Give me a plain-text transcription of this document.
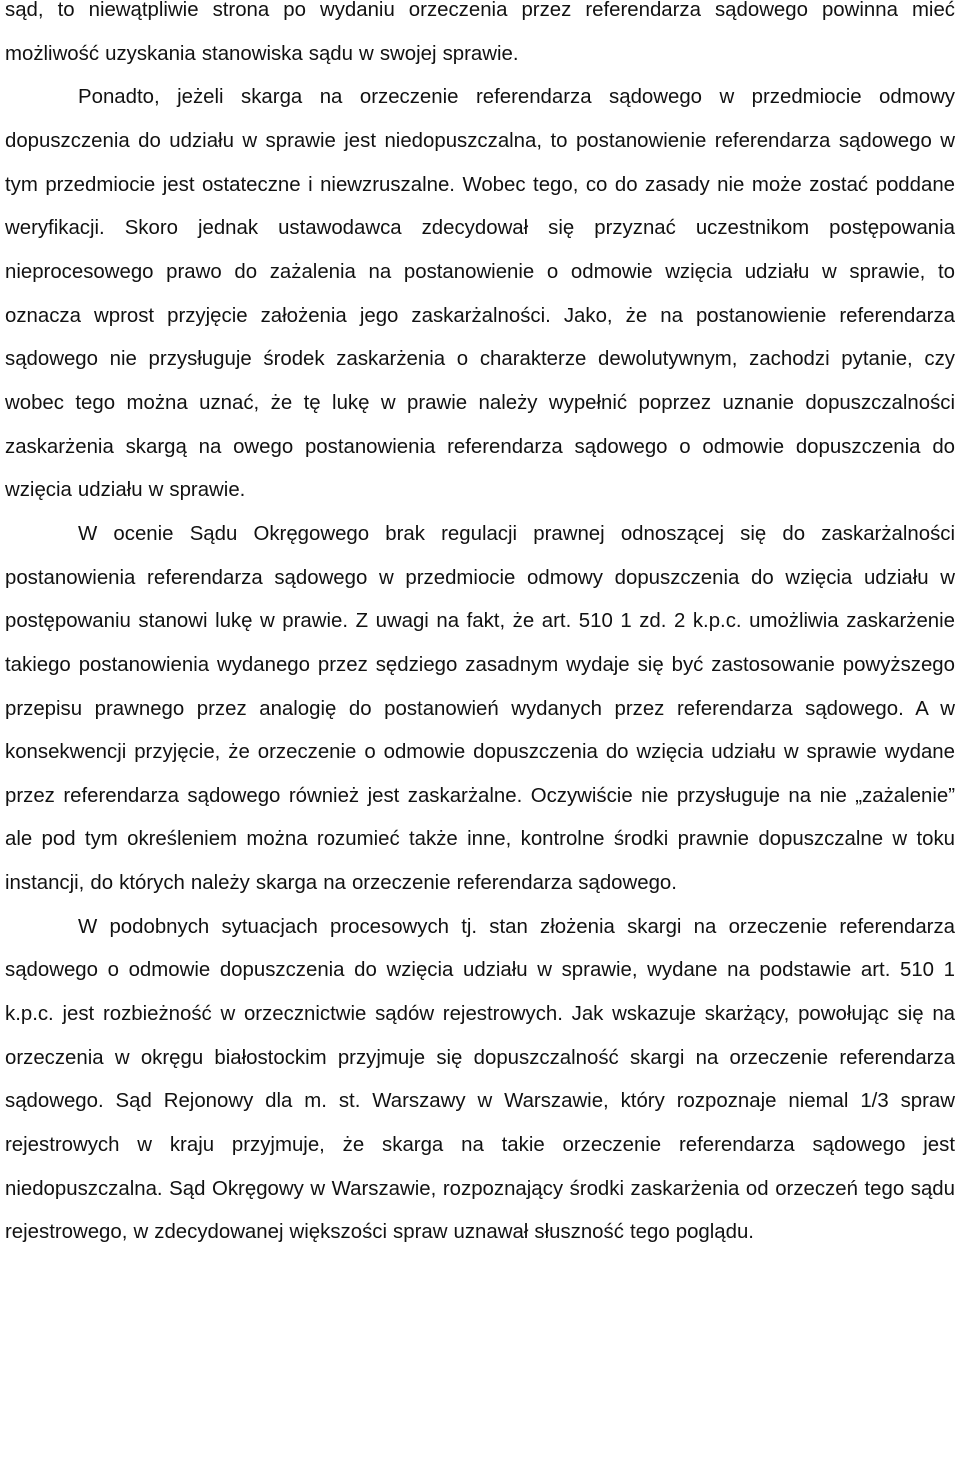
sąd, to niewątpliwie strona po wydaniu orzeczenia przez referendarza sądowego powinna mieć możliwość uzyskania stanowiska sądu w swojej sprawie.

Ponadto, jeżeli skarga na orzeczenie referendarza sądowego w przedmiocie odmowy dopuszczenia do udziału w sprawie jest niedopuszczalna, to postanowienie referendarza sądowego w tym przedmiocie jest ostateczne i niewzruszalne. Wobec tego, co do zasady nie może zostać poddane weryfikacji. Skoro jednak ustawodawca zdecydował się przyznać uczestnikom postępowania nieprocesowego prawo do zażalenia na postanowienie o odmowie wzięcia udziału w sprawie, to oznacza wprost przyjęcie założenia jego zaskarżalności. Jako, że na postanowienie referendarza sądowego nie przysługuje środek zaskarżenia o charakterze dewolutywnym, zachodzi pytanie, czy wobec tego można uznać, że tę lukę w prawie należy wypełnić poprzez uznanie dopuszczalności zaskarżenia skargą na owego postanowienia referendarza sądowego o odmowie dopuszczenia do wzięcia udziału w sprawie.

W ocenie Sądu Okręgowego brak regulacji prawnej odnoszącej się do zaskarżalności postanowienia referendarza sądowego w przedmiocie odmowy dopuszczenia do wzięcia udziału w postępowaniu stanowi lukę w prawie. Z uwagi na fakt, że art. 510 1 zd. 2 k.p.c. umożliwia zaskarżenie takiego postanowienia wydanego przez sędziego zasadnym wydaje się być zastosowanie powyższego przepisu prawnego przez analogię do postanowień wydanych przez referendarza sądowego. A w konsekwencji przyjęcie, że orzeczenie o odmowie dopuszczenia do wzięcia udziału w sprawie wydane przez referendarza sądowego również jest zaskarżalne. Oczywiście nie przysługuje na nie „zażalenie” ale pod tym określeniem można rozumieć także inne, kontrolne środki prawnie dopuszczalne w toku instancji, do których należy skarga na orzeczenie referendarza sądowego.

W podobnych sytuacjach procesowych tj. stan złożenia skargi na orzeczenie referendarza sądowego o odmowie dopuszczenia do wzięcia udziału w sprawie, wydane na podstawie art. 510 1 k.p.c. jest rozbieżność w orzecznictwie sądów rejestrowych. Jak wskazuje skarżący, powołując się na orzeczenia w okręgu białostockim przyjmuje się dopuszczalność skargi na orzeczenie referendarza sądowego. Sąd Rejonowy dla m. st. Warszawy w Warszawie, który rozpoznaje niemal 1/3 spraw rejestrowych w kraju przyjmuje, że skarga na takie orzeczenie referendarza sądowego jest niedopuszczalna. Sąd Okręgowy w Warszawie, rozpoznający środki zaskarżenia od orzeczeń tego sądu rejestrowego, w zdecydowanej większości spraw uznawał słuszność tego poglądu.
